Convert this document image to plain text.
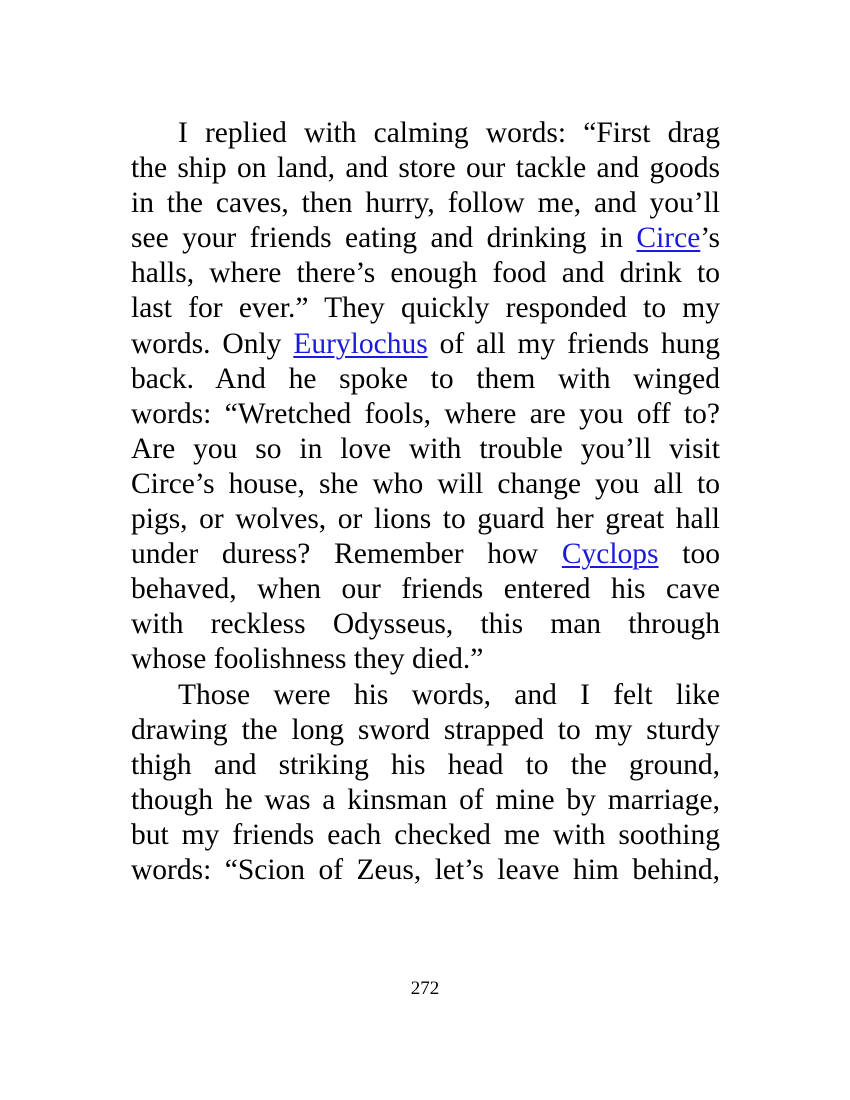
I replied with calming words: “First drag
the ship on land, and store our tackle and goods
in the caves, then hurry, follow me, and you’ll
see your friends eating and drinking in Circe’s
halls, where there’s enough food and drink to
last for ever.” They quickly responded to my
words. Only Eurylochus of all my friends hung
back. And he spoke to them with winged
words: “Wretched fools, where are you off to?
Are you so in love with trouble you’ll visit
Circe’s house, she who will change you all to
pigs, or wolves, or lions to guard her great hall
under duress? Remember how Cyclops too
behaved, when our friends entered his cave
with reckless Odysseus, this man through
whose foolishness they died.”
Those were his words, and I felt like
drawing the long sword strapped to my sturdy
thigh and striking his head to the ground,
though he was a kinsman of mine by marriage,
but my friends each checked me with soothing
words: “Scion of Zeus, let’s leave him behind,
272
